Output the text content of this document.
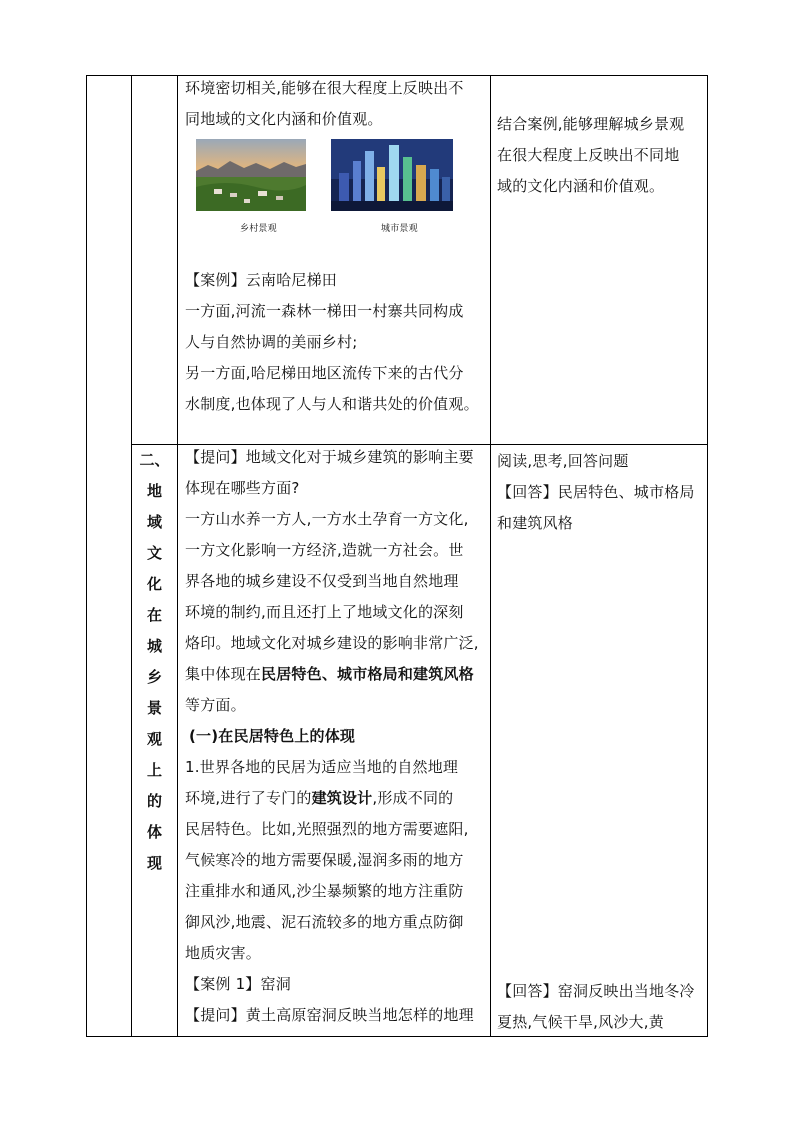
环境密切相关,能够在很大程度上反映出不

同地域的文化内涵和价值观。

乡村景观	城市景观

【案例】云南哈尼梯田

一方面,河流一森林一梯田一村寨共同构成

人与自然协调的美丽乡村;

另一方面,哈尼梯田地区流传下来的古代分

水制度,也体现了人与人和谐共处的价值观。

结合案例,能够理解城乡景观

在很大程度上反映出不同地

域的文化内涵和价值观。

二、
地
域
文
化
在
城
乡
景
观
上
的
体
现

【提问】地域文化对于城乡建筑的影响主要

体现在哪些方面?

一方山水养一方人,一方水土孕育一方文化,

一方文化影响一方经济,造就一方社会。世

界各地的城乡建设不仅受到当地自然地理

环境的制约,而且还打上了地域文化的深刻

烙印。地域文化对城乡建设的影响非常广泛,

集中体现在民居特色、城市格局和建筑风格

等方面。

(一)在民居特色上的体现

1.世界各地的民居为适应当地的自然地理

环境,进行了专门的建筑设计,形成不同的

民居特色。比如,光照强烈的地方需要遮阳,

气候寒冷的地方需要保暖,湿润多雨的地方

注重排水和通风,沙尘暴频繁的地方注重防

御风沙,地震、泥石流较多的地方重点防御

地质灾害。

【案例 1】窑洞

【提问】黄土高原窑洞反映当地怎样的地理

阅读,思考,回答问题

【回答】民居特色、城市格局

和建筑风格

【回答】窑洞反映出当地冬冷

夏热,气候干旱,风沙大,黄
